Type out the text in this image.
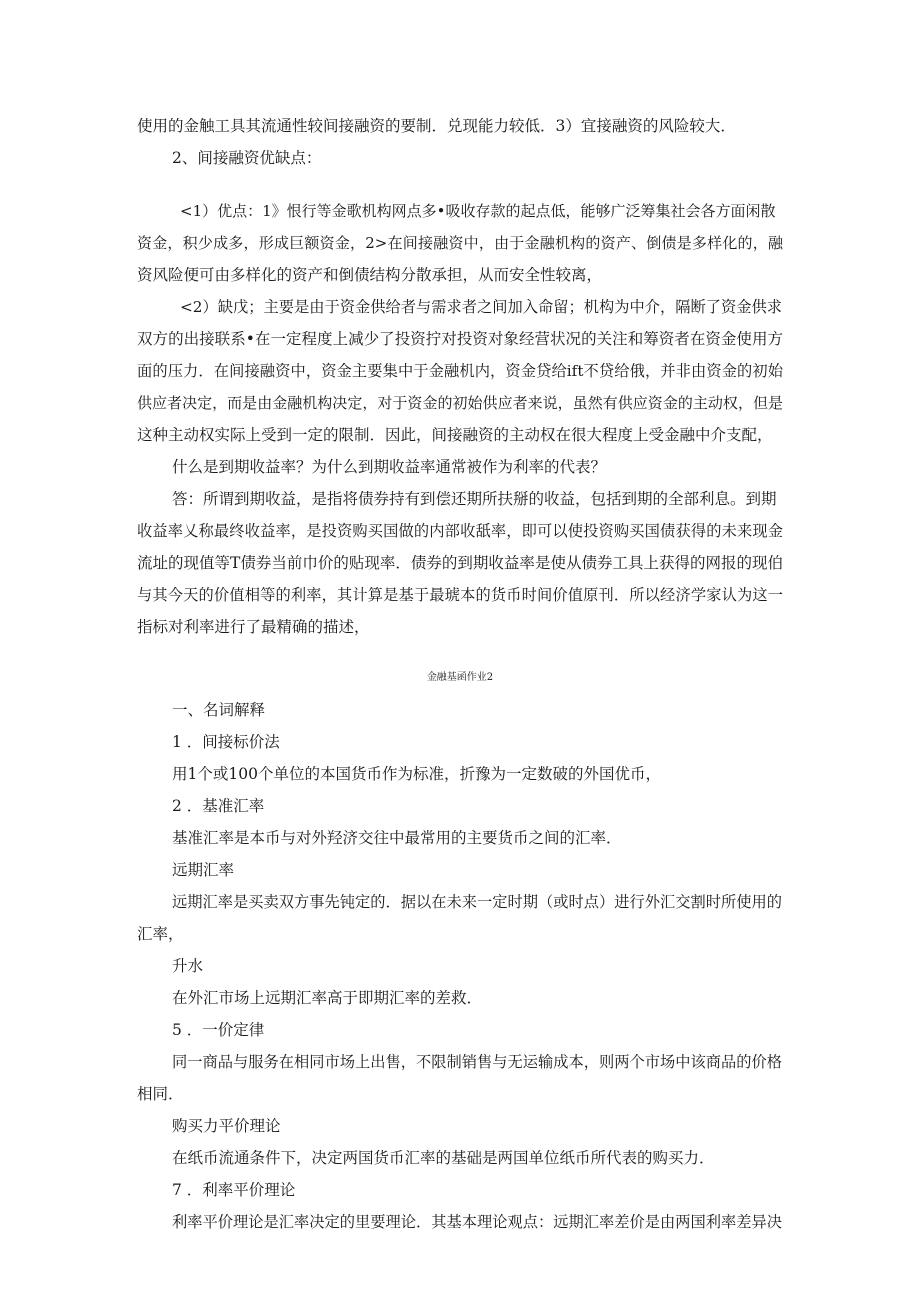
使用的金触工具其流通性较间接融资的要制．兑现能力较低．3）宜接融资的风险较大．
2、间接融资优缺点：
<1）优点：1》恨行等金歌机构网点多•吸收存款的起点低，能够广泛筹集社会各方面闲散
资金，积少成多，形成巨额资金，2>在间接融资中，由于金融机构的资产、倒债是多样化的，融
资风险便可由多样化的资产和倒债结构分散承担，从而安全性较离，
<2）缺戊；主要是由于资金供给者与需求者之间加入命留；机构为中介，隔断了资金供求
双方的出接联系•在一定程度上减少了投资拧对投资对象经营状况的关注和筹资者在资金使用方
面的压力．在间接融资中，资金主要集中于金融机内，资金贷给ift不贷给俄，并非由资金的初始
供应者决定，而是由金融机构决定，对于资金的初始供应者来说，虽然有供应资金的主动权，但是
这种主动权实际上受到一定的限制．因此，间接融资的主动权在很大程度上受金融中介支配，
什么是到期收益率？为什么到期收益率通常被作为利率的代表？
答：所谓到期收益，是指将债券持有到偿还期所扶掰的收益，包括到期的全部利息。到期
收益率乂称最终收益率，是投资购买国做的内部收舐率，即可以使投资购买国债获得的未来现金
流址的现值等T债券当前巾价的贴现率．债券的到期收益率是使从债券工具上获得的网报的现伯
与其今天的价值相等的利率，其计算是基于最琥本的货币时间价值原刊．所以经济学家认为这一
指标对利率进行了最精确的描述，
金融基函作业2
一、名词解释
1 ．间接标价法
用1个或100个单位的本国货币作为标准，折豫为一定数破的外国优币，
2 ．基准汇率
基准汇率是本币与对外羟济交往中最常用的主要货币之间的汇率．
远期汇率
远期汇率是买卖双方事先钝定的．据以在未来一定时期（或时点）进行外汇交割时所使用的
汇率，
升水
在外汇市场上远期汇率高于即期汇率的差救．
5 ．一价定律
同一商品与服务在相同市场上出售，不限制销售与无运输成本，则两个市场中该商品的价格
相同．
购买力平价理论
在纸币流通条件下，决定两国货币汇率的基础是两国单位纸币所代表的购买力．
7 ．利率平价理论
利率平价理论是汇率决定的里要理论．其基本理论观点：远期汇率差价是由两国利率差异决
